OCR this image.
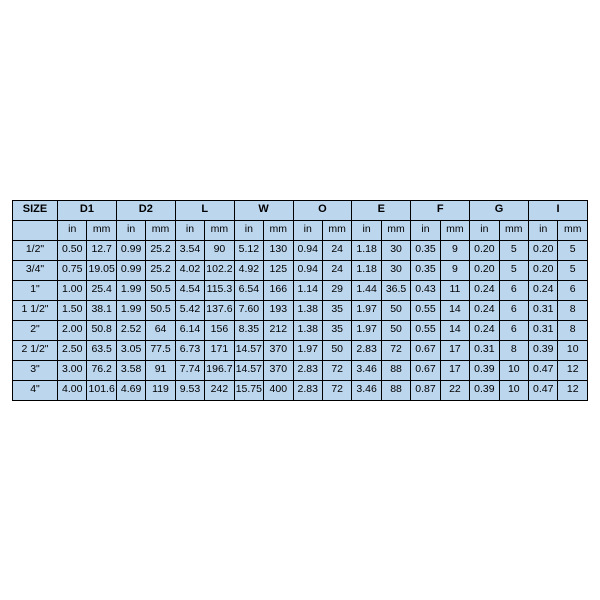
SIZE	D1		D2		L		W		O		E		F		G		I	
	in	mm	in	mm	in	mm	in	mm	in	mm	in	mm	in	mm	in	mm	in	mm
1/2"	0.50	12.7	0.99	25.2	3.54	90	5.12	130	0.94	24	1.18	30	0.35	9	0.20	5	0.20	5
3/4"	0.75	19.05	0.99	25.2	4.02	102.2	4.92	125	0.94	24	1.18	30	0.35	9	0.20	5	0.20	5
1"	1.00	25.4	1.99	50.5	4.54	115.3	6.54	166	1.14	29	1.44	36.5	0.43	11	0.24	6	0.24	6
1 1/2"	1.50	38.1	1.99	50.5	5.42	137.6	7.60	193	1.38	35	1.97	50	0.55	14	0.24	6	0.31	8
2"	2.00	50.8	2.52	64	6.14	156	8.35	212	1.38	35	1.97	50	0.55	14	0.24	6	0.31	8
2 1/2"	2.50	63.5	3.05	77.5	6.73	171	14.57	370	1.97	50	2.83	72	0.67	17	0.31	8	0.39	10
3"	3.00	76.2	3.58	91	7.74	196.7	14.57	370	2.83	72	3.46	88	0.67	17	0.39	10	0.47	12
4"	4.00	101.6	4.69	119	9.53	242	15.75	400	2.83	72	3.46	88	0.87	22	0.39	10	0.47	12
